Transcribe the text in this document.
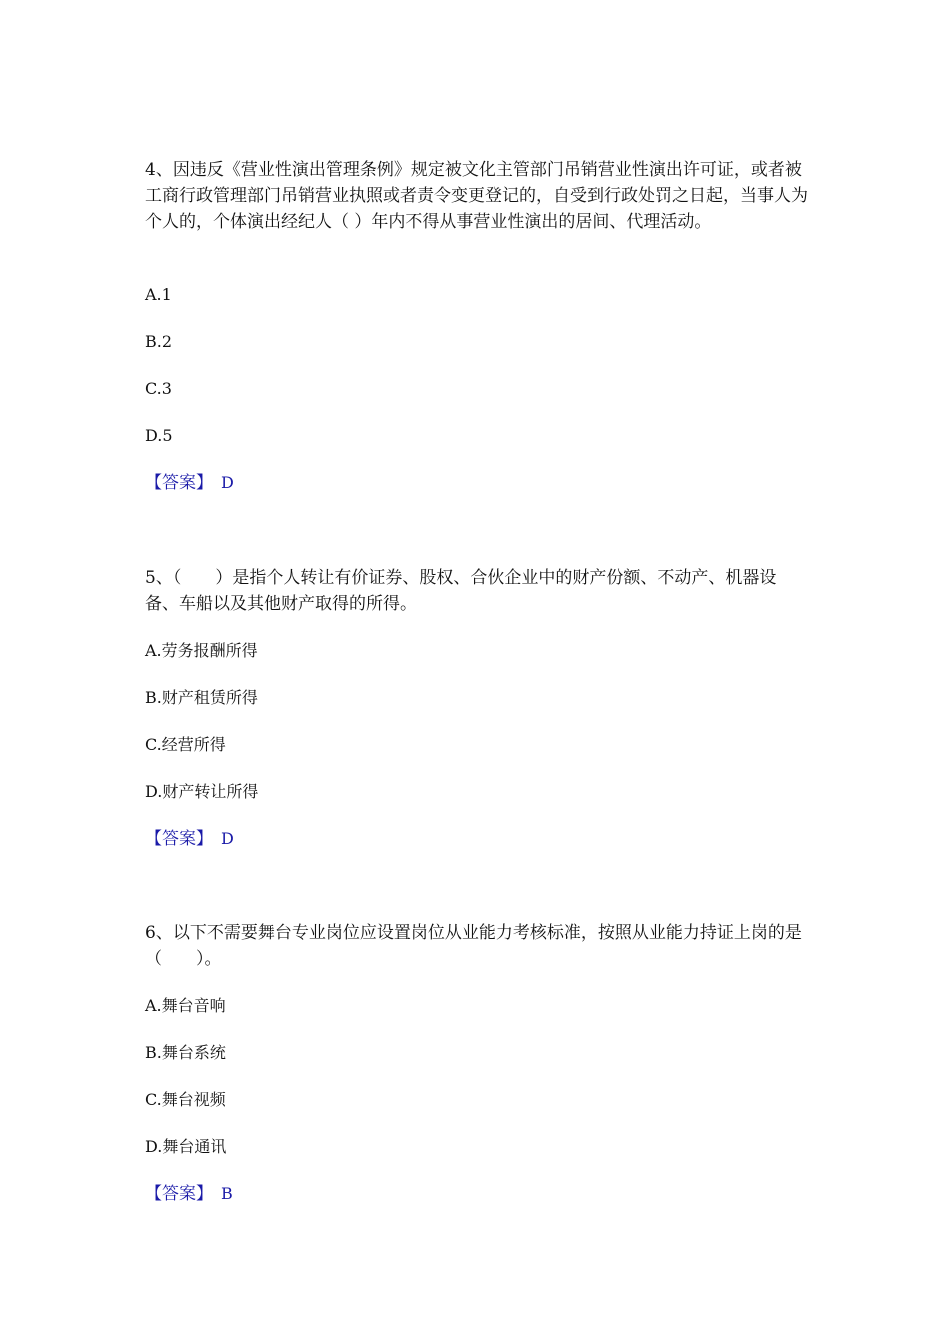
4、因违反《营业性演出管理条例》规定被文化主管部门吊销营业性演出许可证，或者被工商行政管理部门吊销营业执照或者责令变更登记的，自受到行政处罚之日起，当事人为个人的，个体演出经纪人（ ）年内不得从事营业性演出的居间、代理活动。

A.1
B.2
C.3
D.5
【答案】 D

5、（　　）是指个人转让有价证券、股权、合伙企业中的财产份额、不动产、机器设备、车船以及其他财产取得的所得。

A.劳务报酬所得
B.财产租赁所得
C.经营所得
D.财产转让所得
【答案】 D

6、以下不需要舞台专业岗位应设置岗位从业能力考核标准，按照从业能力持证上岗的是（　　）。

A.舞台音响
B.舞台系统
C.舞台视频
D.舞台通讯
【答案】 B
